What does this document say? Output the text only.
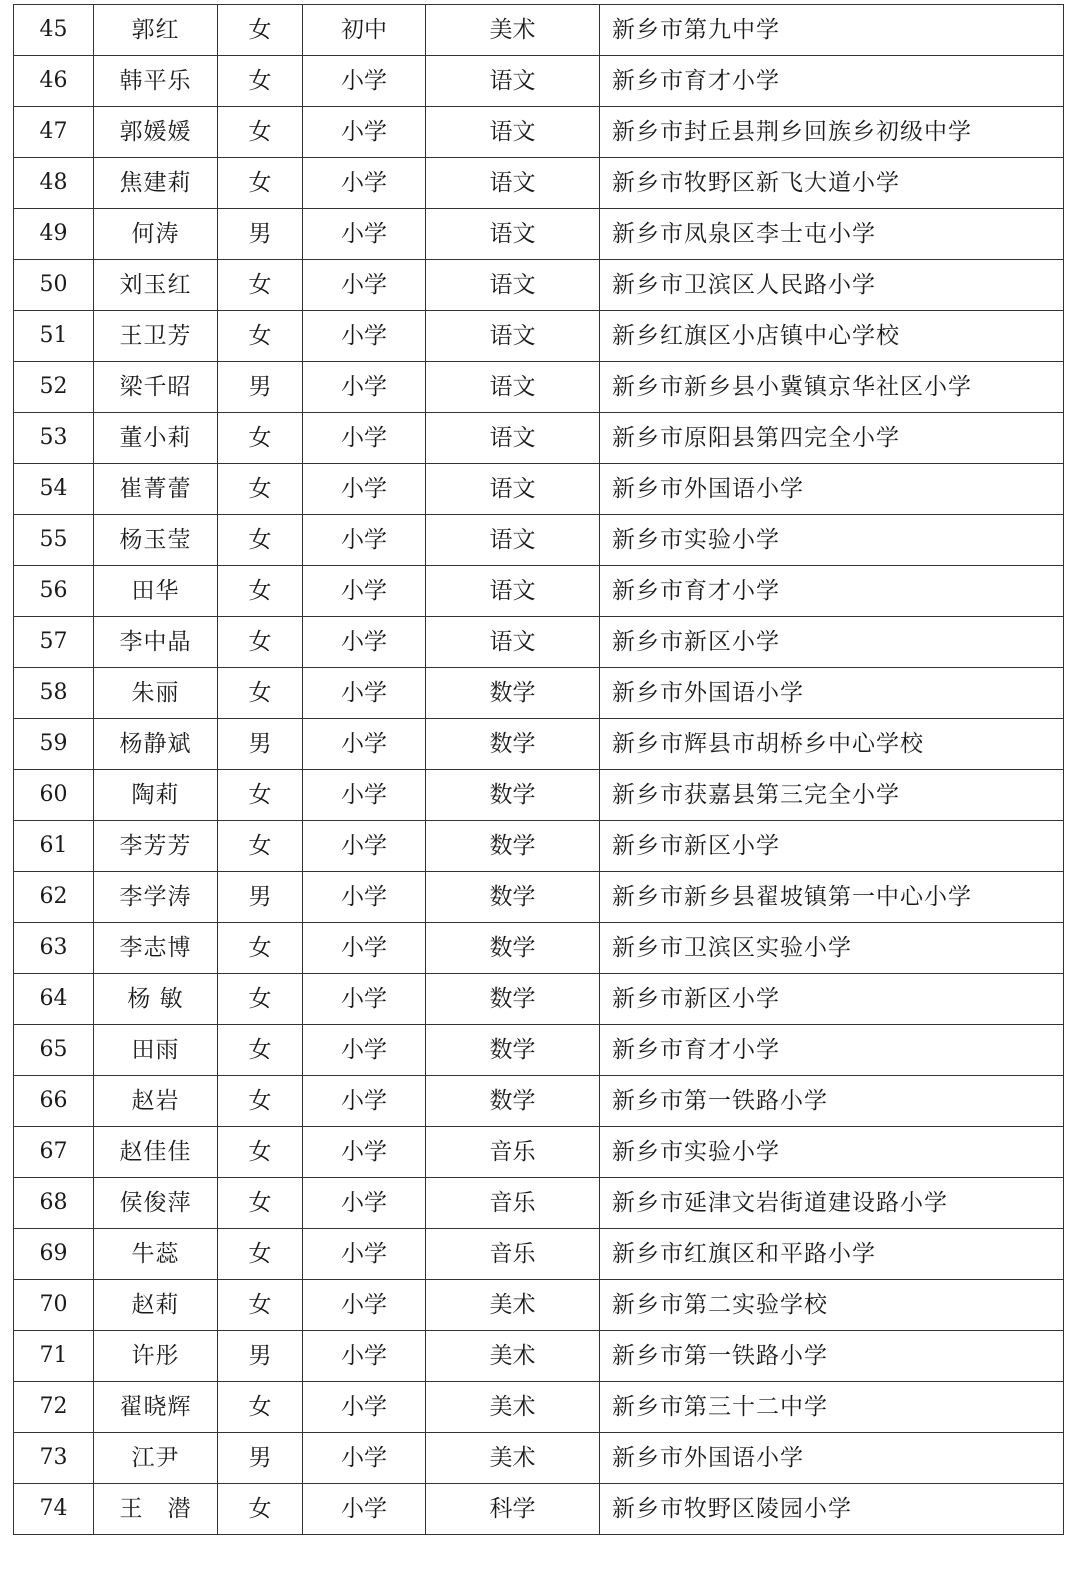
45	郭红	女	初中	美术	新乡市第九中学
46	韩平乐	女	小学	语文	新乡市育才小学
47	郭媛媛	女	小学	语文	新乡市封丘县荆乡回族乡初级中学
48	焦建莉	女	小学	语文	新乡市牧野区新飞大道小学
49	何涛	男	小学	语文	新乡市凤泉区李士屯小学
50	刘玉红	女	小学	语文	新乡市卫滨区人民路小学
51	王卫芳	女	小学	语文	新乡红旗区小店镇中心学校
52	梁千昭	男	小学	语文	新乡市新乡县小冀镇京华社区小学
53	董小莉	女	小学	语文	新乡市原阳县第四完全小学
54	崔菁蕾	女	小学	语文	新乡市外国语小学
55	杨玉莹	女	小学	语文	新乡市实验小学
56	田华	女	小学	语文	新乡市育才小学
57	李中晶	女	小学	语文	新乡市新区小学
58	朱丽	女	小学	数学	新乡市外国语小学
59	杨静斌	男	小学	数学	新乡市辉县市胡桥乡中心学校
60	陶莉	女	小学	数学	新乡市获嘉县第三完全小学
61	李芳芳	女	小学	数学	新乡市新区小学
62	李学涛	男	小学	数学	新乡市新乡县翟坡镇第一中心小学
63	李志博	女	小学	数学	新乡市卫滨区实验小学
64	杨 敏	女	小学	数学	新乡市新区小学
65	田雨	女	小学	数学	新乡市育才小学
66	赵岩	女	小学	数学	新乡市第一铁路小学
67	赵佳佳	女	小学	音乐	新乡市实验小学
68	侯俊萍	女	小学	音乐	新乡市延津文岩街道建设路小学
69	牛蕊	女	小学	音乐	新乡市红旗区和平路小学
70	赵莉	女	小学	美术	新乡市第二实验学校
71	许彤	男	小学	美术	新乡市第一铁路小学
72	翟晓辉	女	小学	美术	新乡市第三十二中学
73	江尹	男	小学	美术	新乡市外国语小学
74	王　潜	女	小学	科学	新乡市牧野区陵园小学
